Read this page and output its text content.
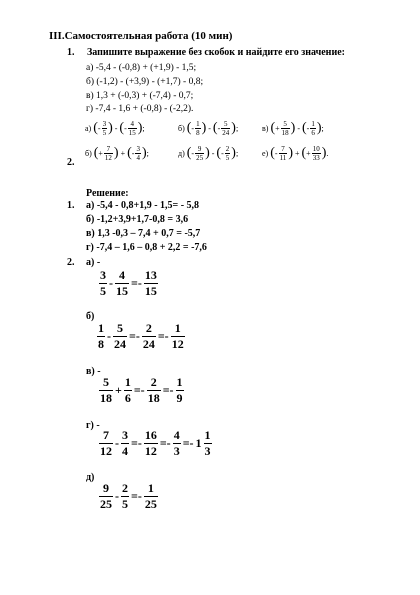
III.Самостоятельная работа (10 мин)
1. Запишите выражение без скобок и найдите его значение:
а) -5,4 - (-0,8) + (+1,9) - 1,5;
б) (-1,2) - (+3,9) - (+1,7) - 0,8;
в) 1,3 + (-0,3) + (-7,4) - 0,7;
г) -7,4 - 1,6 + (-0,8) - (-2,2).
а) (- $\frac{3}{5}$ ) - (- $\frac{4}{15}$ );	б) (- $\frac{1}{8}$ ) - (- $\frac{5}{24}$ );	в) (+ $\frac{5}{18}$ ) - (- $\frac{1}{6}$ );
б) (+ $\frac{7}{12}$ ) + (- $\frac{3}{4}$ );	д) (- $\frac{9}{25}$ ) - (- $\frac{2}{5}$ );	е) (- $\frac{7}{11}$ ) + (+ $\frac{10}{33}$ ).
2.
Решение:
1. а) -5,4 - 0,8+1,9 - 1,5= - 5,8
б) -1,2+3,9+1,7-0,8 = 3,6
в) 1,3 -0,3 – 7,4 + 0,7 = -5,7
г) -7,4 – 1,6 – 0,8 + 2,2 = -7,6
2. а) -
$\frac{3}{5} - \frac{4}{15} =- \frac{13}{15}$
б)
$\frac{1}{8} - \frac{5}{24} =- \frac{2}{24} =- \frac{1}{12}$
в) -
$\frac{5}{18} + \frac{1}{6} =- \frac{2}{18} =- \frac{1}{9}$
г) -
$\frac{7}{12} - \frac{3}{4} =- \frac{16}{12} =- \frac{4}{3} =- 1 \frac{1}{3}$
д)
$\frac{9}{25} - \frac{2}{5} =- \frac{1}{25}$
